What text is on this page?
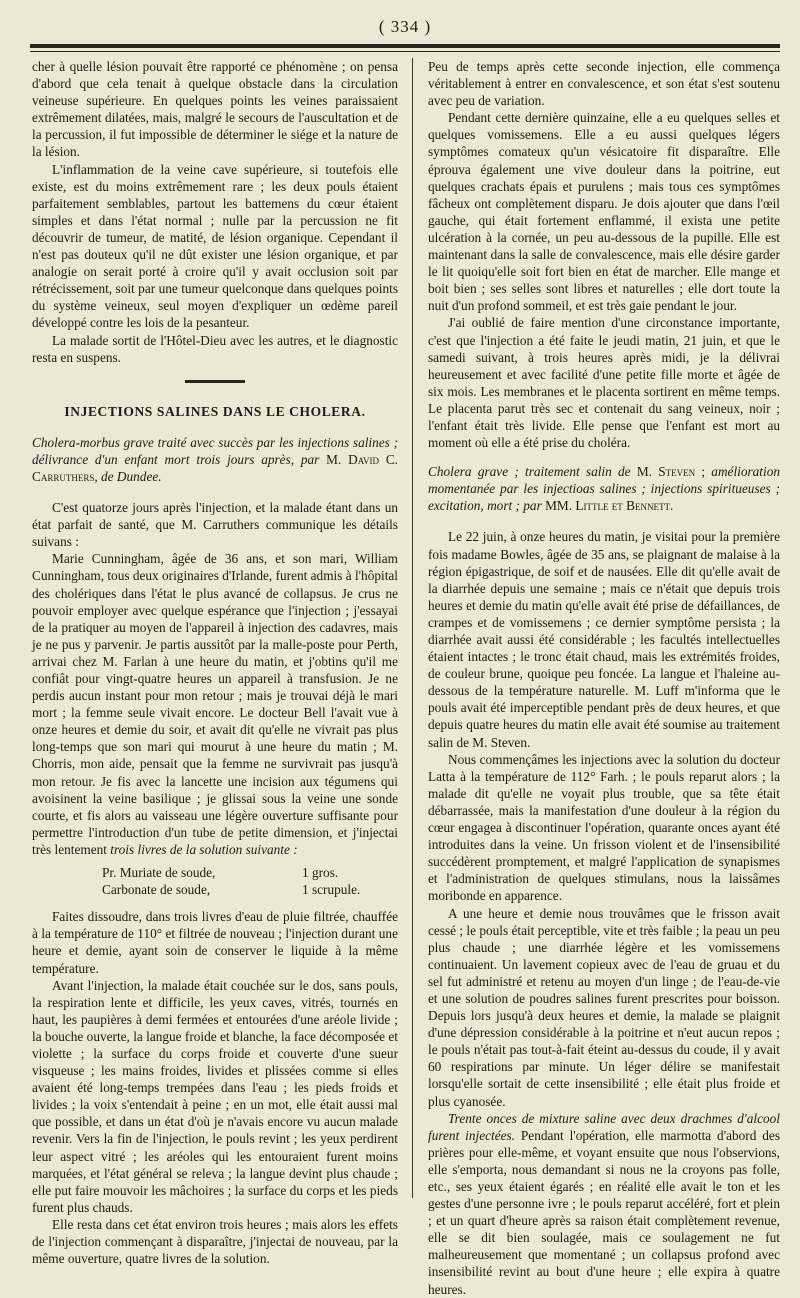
( 334 )

cher à quelle lésion pouvait être rapporté ce phénomène ; on pensa d'abord que cela tenait à quelque obstacle dans la circulation veineuse supérieure. En quelques points les veines paraissaient extrêmement dilatées, mais, malgré le secours de l'auscultation et de la percussion, il fut impossible de déterminer le siége et la nature de la lésion.

L'inflammation de la veine cave supérieure, si toutefois elle existe, est du moins extrêmement rare ; les deux pouls étaient parfaitement semblables, partout les battemens du cœur étaient simples et dans l'état normal ; nulle par la percussion ne fit découvrir de tumeur, de matité, de lésion organique. Cependant il n'est pas douteux qu'il ne dût exister une lésion organique, et par analogie on serait porté à croire qu'il y avait occlusion soit par rétrécissement, soit par une tumeur quelconque dans quelques points du système veineux, seul moyen d'expliquer un œdème pareil développé contre les lois de la pesanteur.

La malade sortit de l'Hôtel-Dieu avec les autres, et le diagnostic resta en suspens.

INJECTIONS SALINES DANS LE CHOLERA.

Cholera-morbus grave traité avec succès par les injections salines ; délivrance d'un enfant mort trois jours après, par M. David C. Carruthers, de Dundee.

C'est quatorze jours après l'injection, et la malade étant dans un état parfait de santé, que M. Carruthers communique les détails suivans :

Marie Cunningham, âgée de 36 ans, et son mari, William Cunningham, tous deux originaires d'Irlande, furent admis à l'hôpital des cholériques dans l'état le plus avancé de collapsus. Je crus ne pouvoir employer avec quelque espérance que l'injection ; j'essayai de la pratiquer au moyen de l'appareil à injection des cadavres, mais je ne pus y parvenir. Je partis aussitôt par la malle-poste pour Perth, arrivai chez M. Farlan à une heure du matin, et j'obtins qu'il me confiât pour vingt-quatre heures un appareil à transfusion. Je ne perdis aucun instant pour mon retour ; mais je trouvai déjà le mari mort ; la femme seule vivait encore. Le docteur Bell l'avait vue à onze heures et demie du soir, et avait dit qu'elle ne vivrait pas plus long-temps que son mari qui mourut à une heure du matin ; M. Chorris, mon aide, pensait que la femme ne survivrait pas jusqu'à mon retour. Je fis avec la lancette une incision aux tégumens qui avoisinent la veine basilique ; je glissai sous la veine une sonde courte, et fis alors au vaisseau une légère ouverture suffisante pour permettre l'introduction d'un tube de petite dimension, et j'injectai très lentement trois livres de la solution suivante :

Pr. Muriate de soude,	1 gros.
Carbonate de soude,	1 scrupule.

Faites dissoudre, dans trois livres d'eau de pluie filtrée, chauffée à la température de 110° et filtrée de nouveau ; l'injection durant une heure et demie, ayant soin de conserver le liquide à la même température.

Avant l'injection, la malade était couchée sur le dos, sans pouls, la respiration lente et difficile, les yeux caves, vitrés, tournés en haut, les paupières à demi fermées et entourées d'une aréole livide ; la bouche ouverte, la langue froide et blanche, la face décomposée et violette ; la surface du corps froide et couverte d'une sueur visqueuse ; les mains froides, livides et plissées comme si elles avaient été long-temps trempées dans l'eau ; les pieds froids et livides ; la voix s'entendait à peine ; en un mot, elle était aussi mal que possible, et dans un état d'où je n'avais encore vu aucun malade revenir. Vers la fin de l'injection, le pouls revint ; les yeux perdirent leur aspect vitré ; les aréoles qui les entouraient furent moins marquées, et l'état général se releva ; la langue devint plus chaude ; elle put faire mouvoir les mâchoires ; la surface du corps et les pieds furent plus chauds.

Elle resta dans cet état environ trois heures ; mais alors les effets de l'injection commençant à disparaître, j'injectai de nouveau, par la même ouverture, quatre livres de la solution.

Peu de temps après cette seconde injection, elle commença véritablement à entrer en convalescence, et son état s'est soutenu avec peu de variation.

Pendant cette dernière quinzaine, elle a eu quelques selles et quelques vomissemens. Elle a eu aussi quelques légers symptômes comateux qu'un vésicatoire fit disparaître. Elle éprouva également une vive douleur dans la poitrine, eut quelques crachats épais et purulens ; mais tous ces symptômes fâcheux ont complètement disparu. Je dois ajouter que dans l'œil gauche, qui était fortement enflammé, il exista une petite ulcération à la cornée, un peu au-dessous de la pupille. Elle est maintenant dans la salle de convalescence, mais elle désire garder le lit quoiqu'elle soit fort bien en état de marcher. Elle mange et boit bien ; ses selles sont libres et naturelles ; elle dort toute la nuit d'un profond sommeil, et est très gaie pendant le jour.

J'ai oublié de faire mention d'une circonstance importante, c'est que l'injection a été faite le jeudi matin, 21 juin, et que le samedi suivant, à trois heures après midi, je la délivrai heureusement et avec facilité d'une petite fille morte et âgée de six mois. Les membranes et le placenta sortirent en même temps. Le placenta parut très sec et contenait du sang veineux, noir ; l'enfant était très livide. Elle pense que l'enfant est mort au moment où elle a été prise du choléra.

Cholera grave ; traitement salin de M. Steven ; amélioration momentanée par les injectioas salines ; injections spiritueuses ; excitation, mort ; par MM. Little et Bennett.

Le 22 juin, à onze heures du matin, je visitai pour la première fois madame Bowles, âgée de 35 ans, se plaignant de malaise à la région épigastrique, de soif et de nausées. Elle dit qu'elle avait de la diarrhée depuis une semaine ; mais ce n'était que depuis trois heures et demie du matin qu'elle avait été prise de défaillances, de crampes et de vomissemens ; ce dernier symptôme persista ; la diarrhée avait aussi été considérable ; les facultés intellectuelles étaient intactes ; le tronc était chaud, mais les extrémités froides, de couleur brune, quoique peu foncée. La langue et l'haleine au-dessous de la température naturelle. M. Luff m'informa que le pouls avait été imperceptible pendant près de deux heures, et que depuis quatre heures du matin elle avait été soumise au traitement salin de M. Steven.

Nous commençâmes les injections avec la solution du docteur Latta à la température de 112° Farh. ; le pouls reparut alors ; la malade dit qu'elle ne voyait plus trouble, que sa tête était débarrassée, mais la manifestation d'une douleur à la région du cœur engagea à discontinuer l'opération, quarante onces ayant été introduites dans la veine. Un frisson violent et de l'insensibilité succédèrent promptement, et malgré l'application de synapismes et l'administration de quelques stimulans, nous la laissâmes moribonde en apparence.

A une heure et demie nous trouvâmes que le frisson avait cessé ; le pouls était perceptible, vite et très faible ; la peau un peu plus chaude ; une diarrhée légère et les vomissemens continuaient. Un lavement copieux avec de l'eau de gruau et du sel fut administré et retenu au moyen d'un linge ; de l'eau-de-vie et une solution de poudres salines furent prescrites pour boisson. Depuis lors jusqu'à deux heures et demie, la malade se plaignit d'une dépression considérable à la poitrine et n'eut aucun repos ; le pouls n'était pas tout-à-fait éteint au-dessus du coude, il y avait 60 respirations par minute. Un léger délire se manifestait lorsqu'elle sortait de cette insensibilité ; elle était plus froide et plus cyanosée.

Trente onces de mixture saline avec deux drachmes d'alcool furent injectées. Pendant l'opération, elle marmotta d'abord des prières pour elle-même, et voyant ensuite que nous l'observions, elle s'emporta, nous demandant si nous ne la croyons pas folle, etc., ses yeux étaient égarés ; en réalité elle avait le ton et les gestes d'une personne ivre ; le pouls reparut accéléré, fort et plein ; et un quart d'heure après sa raison était complètement revenue, elle se dit bien soulagée, mais ce soulagement ne fut malheureusement que momentané ; un collapsus profond avec insensibilité revint au bout d'une heure ; elle expira à quatre heures.
